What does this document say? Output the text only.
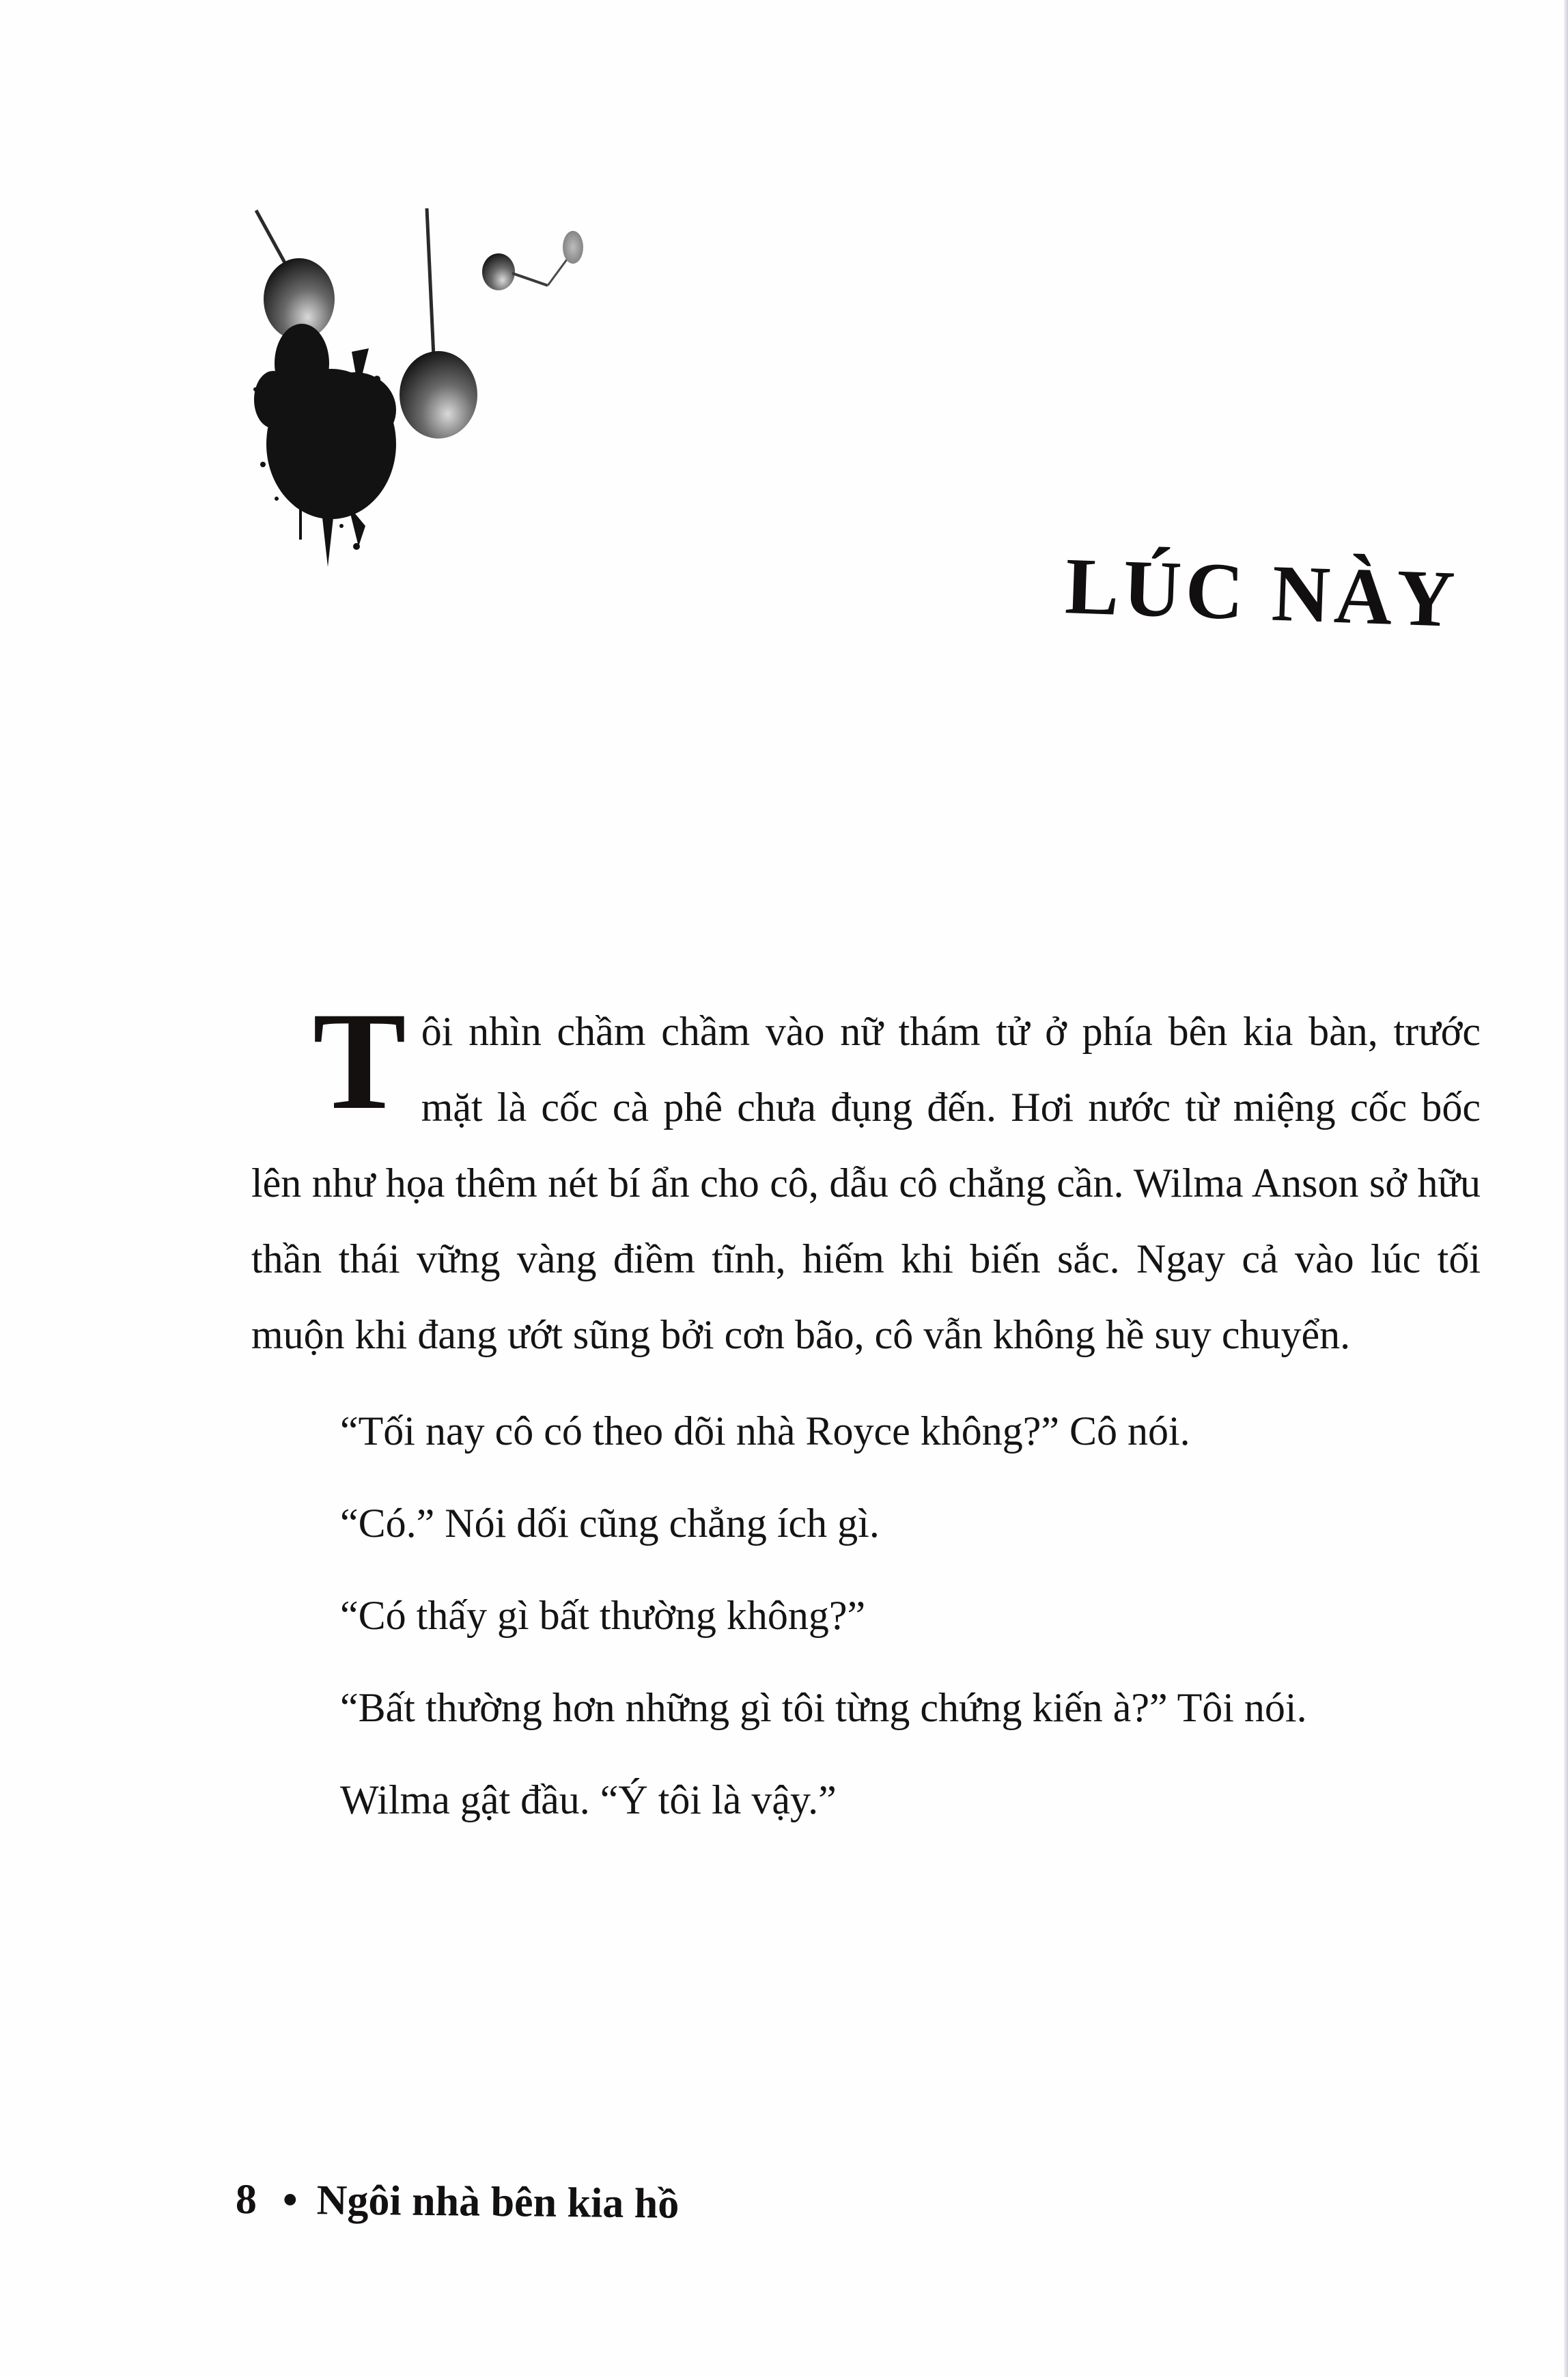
LÚC NÀY

Tôi nhìn chầm chầm vào nữ thám tử ở phía bên kia bàn, trước mặt là cốc cà phê chưa đụng đến. Hơi nước từ miệng cốc bốc lên như họa thêm nét bí ẩn cho cô, dẫu cô chẳng cần. Wilma Anson sở hữu thần thái vững vàng điềm tĩnh, hiếm khi biến sắc. Ngay cả vào lúc tối muộn khi đang ướt sũng bởi cơn bão, cô vẫn không hề suy chuyển.

“Tối nay cô có theo dõi nhà Royce không?” Cô nói.

“Có.” Nói dối cũng chẳng ích gì.

“Có thấy gì bất thường không?”

“Bất thường hơn những gì tôi từng chứng kiến à?” Tôi nói.

Wilma gật đầu. “Ý tôi là vậy.”

8 • Ngôi nhà bên kia hồ
